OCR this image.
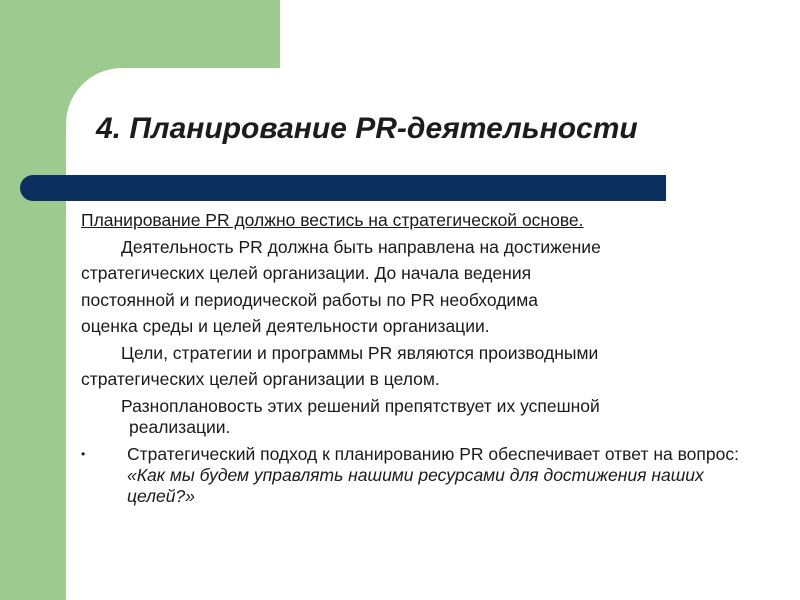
4. Планирование PR-деятельности
Планирование PR должно вестись на стратегической основе.
Деятельность PR должна быть направлена на достижение
стратегических целей организации. До начала ведения
постоянной и периодической работы по PR необходима
оценка среды и целей деятельности организации.
Цели, стратегии и программы PR являются производными
стратегических целей организации в целом.
Разноплановость этих решений препятствует их успешной
реализации.
•	Стратегический подход к планированию PR обеспечивает ответ на вопрос: «Как мы будем управлять нашими ресурсами для достижения наших целей?»
